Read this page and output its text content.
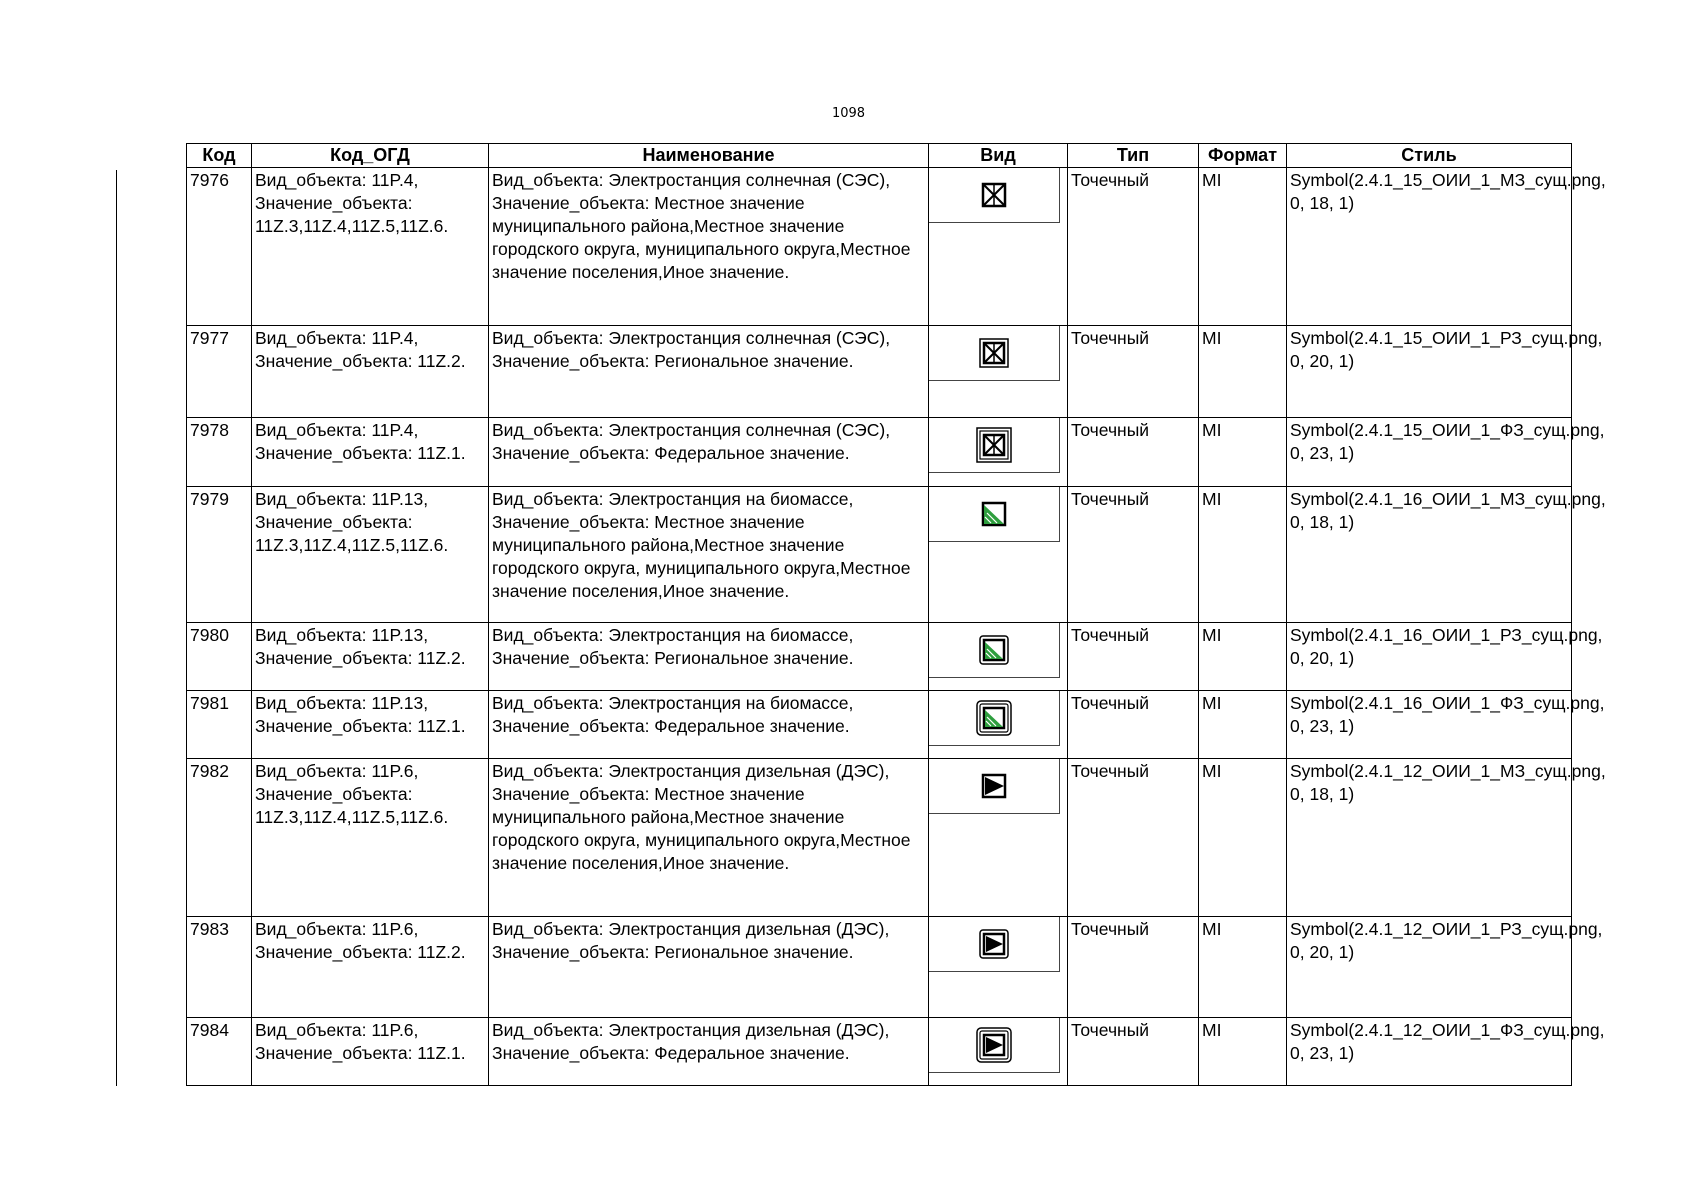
1098
Код	Код_ОГД	Наименование	Вид	Тип	Формат	Стиль
7976	Вид_объекта: 11P.4, Значение_объекта: 11Z.3,11Z.4,11Z.5,11Z.6.	Вид_объекта: Электростанция солнечная (СЭС), Значение_объекта: Местное значение муниципального района,Местное значение городского округа, муниципального округа,Местное значение поселения,Иное значение.		Точечный	MI	Symbol(2.4.1_15_ОИИ_1_МЗ_сущ.png, 0, 18, 1)
7977	Вид_объекта: 11P.4, Значение_объекта: 11Z.2.	Вид_объекта: Электростанция солнечная (СЭС), Значение_объекта: Региональное значение.		Точечный	MI	Symbol(2.4.1_15_ОИИ_1_РЗ_сущ.png, 0, 20, 1)
7978	Вид_объекта: 11P.4, Значение_объекта: 11Z.1.	Вид_объекта: Электростанция солнечная (СЭС), Значение_объекта: Федеральное значение.		Точечный	MI	Symbol(2.4.1_15_ОИИ_1_ФЗ_сущ.png, 0, 23, 1)
7979	Вид_объекта: 11P.13, Значение_объекта: 11Z.3,11Z.4,11Z.5,11Z.6.	Вид_объекта: Электростанция на биомассе, Значение_объекта: Местное значение муниципального района,Местное значение городского округа, муниципального округа,Местное значение поселения,Иное значение.		Точечный	MI	Symbol(2.4.1_16_ОИИ_1_МЗ_сущ.png, 0, 18, 1)
7980	Вид_объекта: 11P.13, Значение_объекта: 11Z.2.	Вид_объекта: Электростанция на биомассе, Значение_объекта: Региональное значение.		Точечный	MI	Symbol(2.4.1_16_ОИИ_1_РЗ_сущ.png, 0, 20, 1)
7981	Вид_объекта: 11P.13, Значение_объекта: 11Z.1.	Вид_объекта: Электростанция на биомассе, Значение_объекта: Федеральное значение.		Точечный	MI	Symbol(2.4.1_16_ОИИ_1_ФЗ_сущ.png, 0, 23, 1)
7982	Вид_объекта: 11P.6, Значение_объекта: 11Z.3,11Z.4,11Z.5,11Z.6.	Вид_объекта: Электростанция дизельная (ДЭС), Значение_объекта: Местное значение муниципального района,Местное значение городского округа, муниципального округа,Местное значение поселения,Иное значение.		Точечный	MI	Symbol(2.4.1_12_ОИИ_1_МЗ_сущ.png, 0, 18, 1)
7983	Вид_объекта: 11P.6, Значение_объекта: 11Z.2.	Вид_объекта: Электростанция дизельная (ДЭС), Значение_объекта: Региональное значение.		Точечный	MI	Symbol(2.4.1_12_ОИИ_1_РЗ_сущ.png, 0, 20, 1)
7984	Вид_объекта: 11P.6, Значение_объекта: 11Z.1.	Вид_объекта: Электростанция дизельная (ДЭС), Значение_объекта: Федеральное значение.		Точечный	MI	Symbol(2.4.1_12_ОИИ_1_ФЗ_сущ.png, 0, 23, 1)
